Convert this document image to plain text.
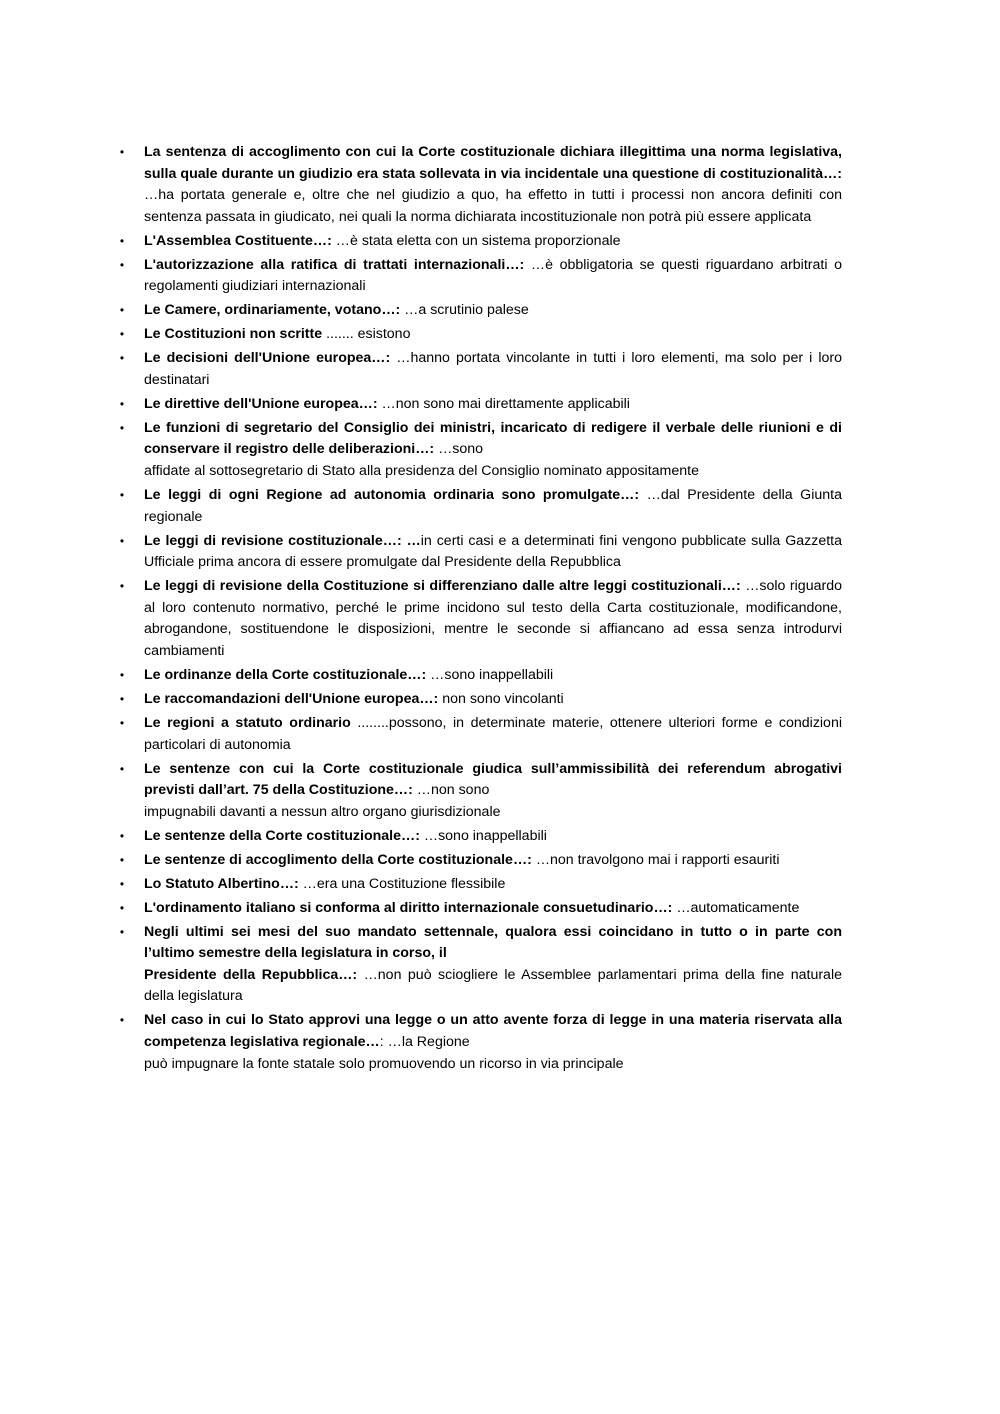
• La sentenza di accoglimento con cui la Corte costituzionale dichiara illegittima una norma legislativa, sulla quale durante un giudizio era stata sollevata in via incidentale una questione di costituzionalità…: …ha portata generale e, oltre che nel giudizio a quo, ha effetto in tutti i processi non ancora definiti con sentenza passata in giudicato, nei quali la norma dichiarata incostituzionale non potrà più essere applicata
• L'Assemblea Costituente…: …è stata eletta con un sistema proporzionale
• L'autorizzazione alla ratifica di trattati internazionali…: …è obbligatoria se questi riguardano arbitrati o regolamenti giudiziari internazionali
• Le Camere, ordinariamente, votano…: …a scrutinio palese
• Le Costituzioni non scritte ....... esistono
• Le decisioni dell'Unione europea…: …hanno portata vincolante in tutti i loro elementi, ma solo per i loro destinatari
• Le direttive dell'Unione europea…: …non sono mai direttamente applicabili
• Le funzioni di segretario del Consiglio dei ministri, incaricato di redigere il verbale delle riunioni e di conservare il registro delle deliberazioni…: …sono
affidate al sottosegretario di Stato alla presidenza del Consiglio nominato appositamente
• Le leggi di ogni Regione ad autonomia ordinaria sono promulgate…: …dal Presidente della Giunta regionale
• Le leggi di revisione costituzionale…: …in certi casi e a determinati fini vengono pubblicate sulla Gazzetta Ufficiale prima ancora di essere promulgate dal Presidente della Repubblica
• Le leggi di revisione della Costituzione si differenziano dalle altre leggi costituzionali…: …solo riguardo al loro contenuto normativo, perché le prime incidono sul testo della Carta costituzionale, modificandone, abrogandone, sostituendone le disposizioni, mentre le seconde si affiancano ad essa senza introdurvi cambiamenti
• Le ordinanze della Corte costituzionale…: …sono inappellabili
• Le raccomandazioni dell'Unione europea…: non sono vincolanti
• Le regioni a statuto ordinario ........possono, in determinate materie, ottenere ulteriori forme e condizioni particolari di autonomia
• Le sentenze con cui la Corte costituzionale giudica sull’ammissibilità dei referendum abrogativi previsti dall’art. 75 della Costituzione…: …non sono
impugnabili davanti a nessun altro organo giurisdizionale
• Le sentenze della Corte costituzionale…: …sono inappellabili
• Le sentenze di accoglimento della Corte costituzionale…: …non travolgono mai i rapporti esauriti
• Lo Statuto Albertino…: …era una Costituzione flessibile
• L'ordinamento italiano si conforma al diritto internazionale consuetudinario…: …automaticamente
• Negli ultimi sei mesi del suo mandato settennale, qualora essi coincidano in tutto o in parte con l’ultimo semestre della legislatura in corso, il
Presidente della Repubblica…: …non può sciogliere le Assemblee parlamentari prima della fine naturale della legislatura
• Nel caso in cui lo Stato approvi una legge o un atto avente forza di legge in una materia riservata alla competenza legislativa regionale…: …la Regione
può impugnare la fonte statale solo promuovendo un ricorso in via principale
